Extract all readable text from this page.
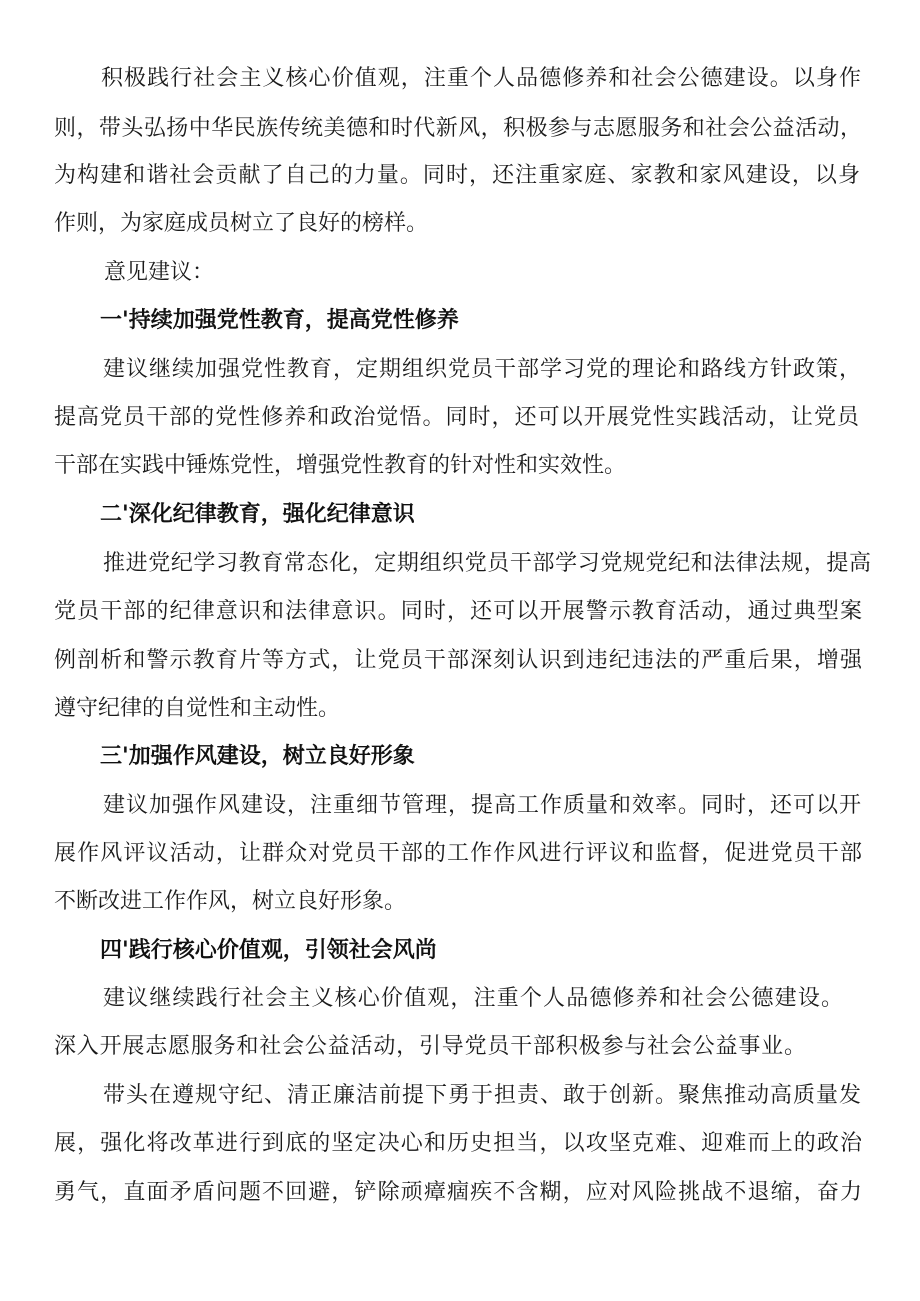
积极践行社会主义核心价值观，注重个人品德修养和社会公德建设。以身作
则，带头弘扬中华民族传统美德和时代新风，积极参与志愿服务和社会公益活动，
为构建和谐社会贡献了自己的力量。同时，还注重家庭、家教和家风建设，以身
作则，为家庭成员树立了良好的榜样。
意见建议：
一'持续加强党性教育，提高党性修养
建议继续加强党性教育，定期组织党员干部学习党的理论和路线方针政策，
提高党员干部的党性修养和政治觉悟。同时，还可以开展党性实践活动，让党员
干部在实践中锤炼党性，增强党性教育的针对性和实效性。
二'深化纪律教育，强化纪律意识
推进党纪学习教育常态化，定期组织党员干部学习党规党纪和法律法规，提高
党员干部的纪律意识和法律意识。同时，还可以开展警示教育活动，通过典型案
例剖析和警示教育片等方式，让党员干部深刻认识到违纪违法的严重后果，增强
遵守纪律的自觉性和主动性。
三'加强作风建设，树立良好形象
建议加强作风建设，注重细节管理，提高工作质量和效率。同时，还可以开
展作风评议活动，让群众对党员干部的工作作风进行评议和监督，促进党员干部
不断改进工作作风，树立良好形象。
四'践行核心价值观，引领社会风尚
建议继续践行社会主义核心价值观，注重个人品德修养和社会公德建设。
深入开展志愿服务和社会公益活动，引导党员干部积极参与社会公益事业。
带头在遵规守纪、清正廉洁前提下勇于担责、敢于创新。聚焦推动高质量发
展，强化将改革进行到底的坚定决心和历史担当，以攻坚克难、迎难而上的政治
勇气，直面矛盾问题不回避，铲除顽瘴痼疾不含糊，应对风险挑战不退缩，奋力
